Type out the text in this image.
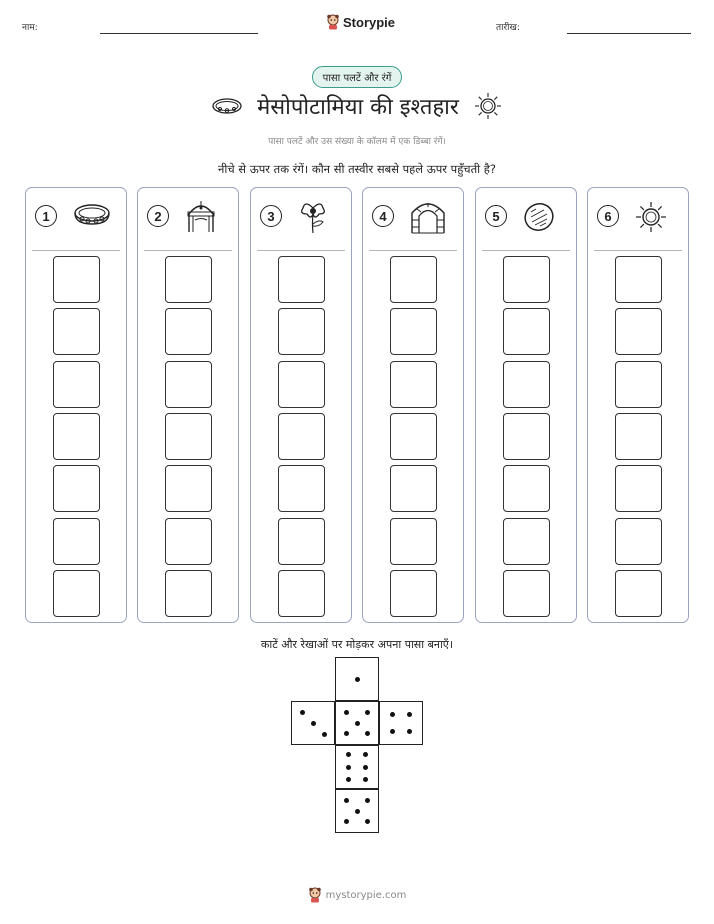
नाम:	Storypie	तारीख:
पासा पलटें और रंगें
मेसोपोटामिया की इश्तहार
पासा पलटें और उस संख्या के कॉलम में एक डिब्बा रंगें।
नीचे से ऊपर तक रंगें। कौन सी तस्वीर सबसे पहले ऊपर पहुँचती है?
1	2	3	4	5	6
काटें और रेखाओं पर मोड़कर अपना पासा बनाएँ।
mystorypie.com
